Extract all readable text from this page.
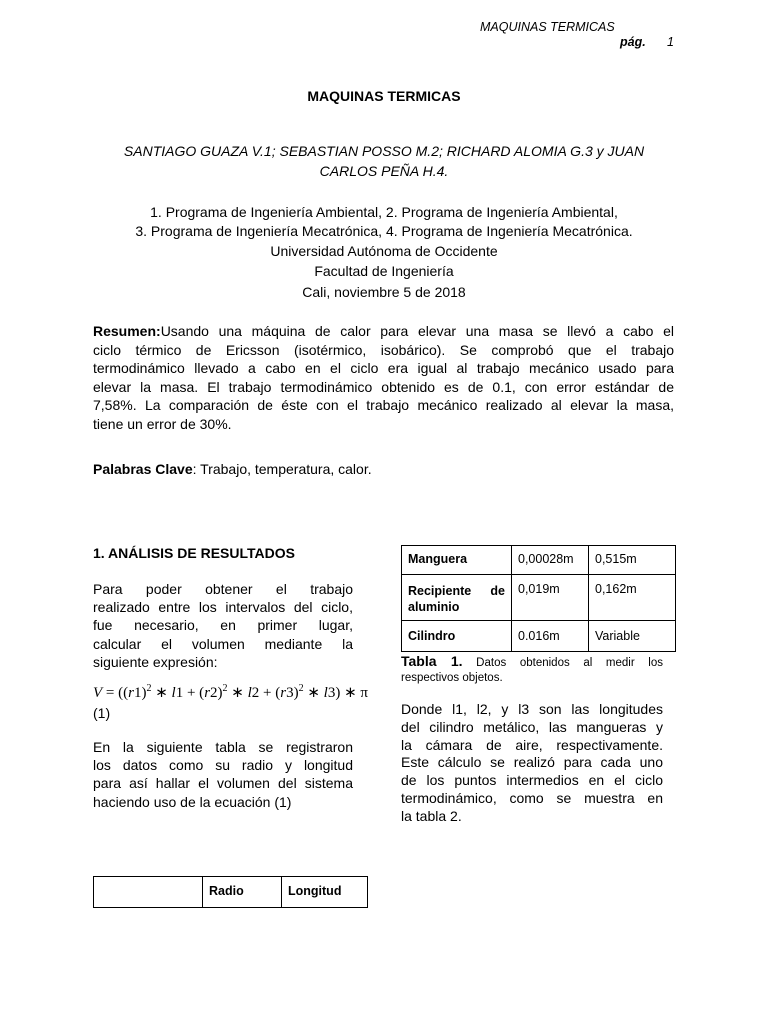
MAQUINAS TERMICAS
pág. 1
MAQUINAS TERMICAS
SANTIAGO GUAZA V.1; SEBASTIAN POSSO M.2; RICHARD ALOMIA G.3 y JUAN
CARLOS PEÑA H.4.
1. Programa de Ingeniería Ambiental, 2. Programa de Ingeniería Ambiental,
3. Programa de Ingeniería Mecatrónica, 4. Programa de Ingeniería Mecatrónica.
Universidad Autónoma de Occidente
Facultad de Ingeniería
Cali, noviembre 5 de 2018
Resumen:Usando una máquina de calor para elevar una masa se llevó a cabo el
ciclo térmico de Ericsson (isotérmico, isobárico). Se comprobó que el trabajo
termodinámico llevado a cabo en el ciclo era igual al trabajo mecánico usado para
elevar la masa. El trabajo termodinámico obtenido es de 0.1, con error estándar de
7,58%. La comparación de éste con el trabajo mecánico realizado al elevar la masa,
tiene un error de 30%.
Palabras Clave: Trabajo, temperatura, calor.
1. ANÁLISIS DE RESULTADOS
Para poder obtener el trabajo
realizado entre los intervalos del ciclo,
fue necesario, en primer lugar,
calcular el volumen mediante la
siguiente expresión:
$V = ((r1)^2$ ∗ $l1 + (r2)^2$ ∗ $l2 + (r3)^2$ ∗ l3) ∗ π
(1)
En la siguiente tabla se registraron
los datos como su radio y longitud
para así hallar el volumen del sistema
haciendo uso de la ecuación (1)
	Radio	Longitud
Manguera	0,00028m	0,515m

Recipiente de
aluminio	0,019m	0,162m
Cilindro	0.016m	Variable
Tabla 1. Datos obtenidos al medir los
respectivos objetos.
Donde l1, l2, y l3 son las longitudes
del cilindro metálico, las mangueras y
la cámara de aire, respectivamente.
Este cálculo se realizó para cada uno
de los puntos intermedios en el ciclo
termodinámico, como se muestra en
la tabla 2.
